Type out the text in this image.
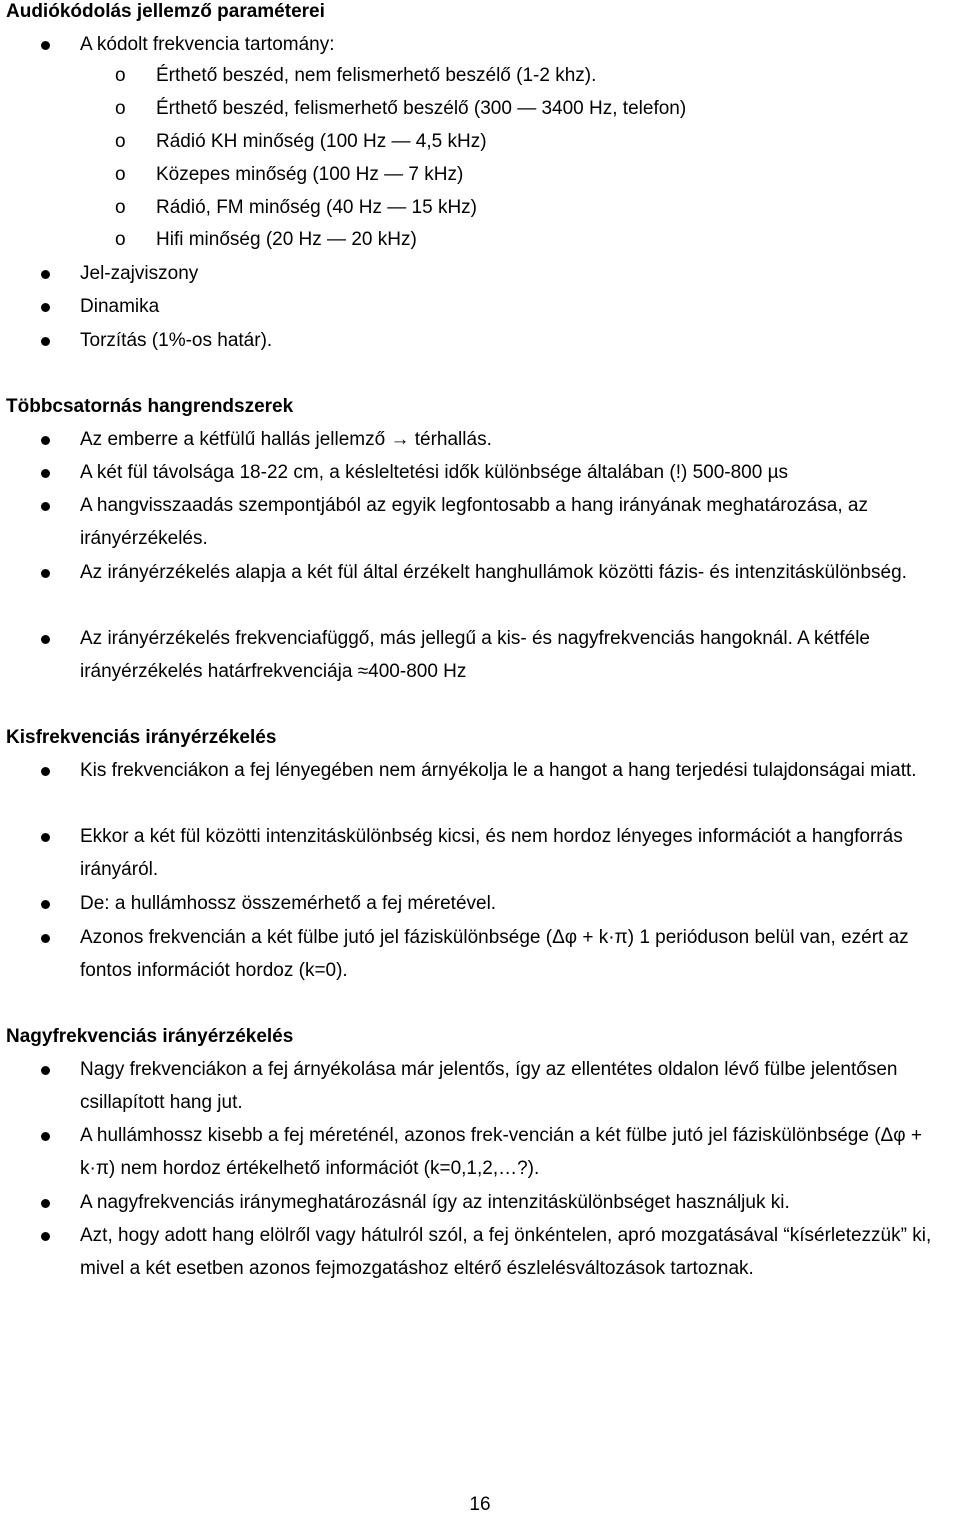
Audiókódolás jellemző paraméterei
A kódolt frekvencia tartomány:
o Érthető beszéd, nem felismerhető beszélő (1-2 khz).
o Érthető beszéd, felismerhető beszélő (300 — 3400 Hz, telefon)
o Rádió KH minőség (100 Hz — 4,5 kHz)
o Közepes minőség (100 Hz — 7 kHz)
o Rádió, FM minőség (40 Hz — 15 kHz)
o Hifi minőség (20 Hz — 20 kHz)
Jel-zajviszony
Dinamika
Torzítás (1%-os határ).
Többcsatornás hangrendszerek
Az emberre a kétfülű hallás jellemző → térhallás.
A két fül távolsága 18-22 cm, a késleltetési idők különbsége általában (!) 500-800 µs
A hangvisszaadás szempontjából az egyik legfontosabb a hang irányának meghatározása, az irányérzékelés.
Az irányérzékelés alapja a két fül által érzékelt hanghullámok közötti fázis- és intenzitáskülönbség.
Az irányérzékelés frekvenciafüggő, más jellegű a kis- és nagyfrekvenciás hangoknál. A kétféle irányérzékelés határfrekvenciája ≈400-800 Hz
Kisfrekvenciás irányérzékelés
Kis frekvenciákon a fej lényegében nem árnyékolja le a hangot a hang terjedési tulajdonságai miatt.
Ekkor a két fül közötti intenzitáskülönbség kicsi, és nem hordoz lényeges információt a hangforrás irányáról.
De: a hullámhossz összemérhető a fej méretével.
Azonos frekvencián a két fülbe jutó jel fáziskülönbsége (Δφ + k·π) 1 perióduson belül van, ezért az fontos információt hordoz (k=0).
Nagyfrekvenciás irányérzékelés
Nagy frekvenciákon a fej árnyékolása már jelentős, így az ellentétes oldalon lévő fülbe jelentősen csillapított hang jut.
A hullámhossz kisebb a fej méreténél, azonos frek-vencián a két fülbe jutó jel fáziskülönbsége (Δφ + k·π) nem hordoz értékelhető információt (k=0,1,2,…?).
A nagyfrekvenciás iránymeghatározásnál így az intenzitáskülönbséget használjuk ki.
Azt, hogy adott hang elölről vagy hátulról szól, a fej önkéntelen, apró mozgatásával “kísérletezzük” ki, mivel a két esetben azonos fejmozgatáshoz eltérő észlelésváltozások tartoznak.
16
